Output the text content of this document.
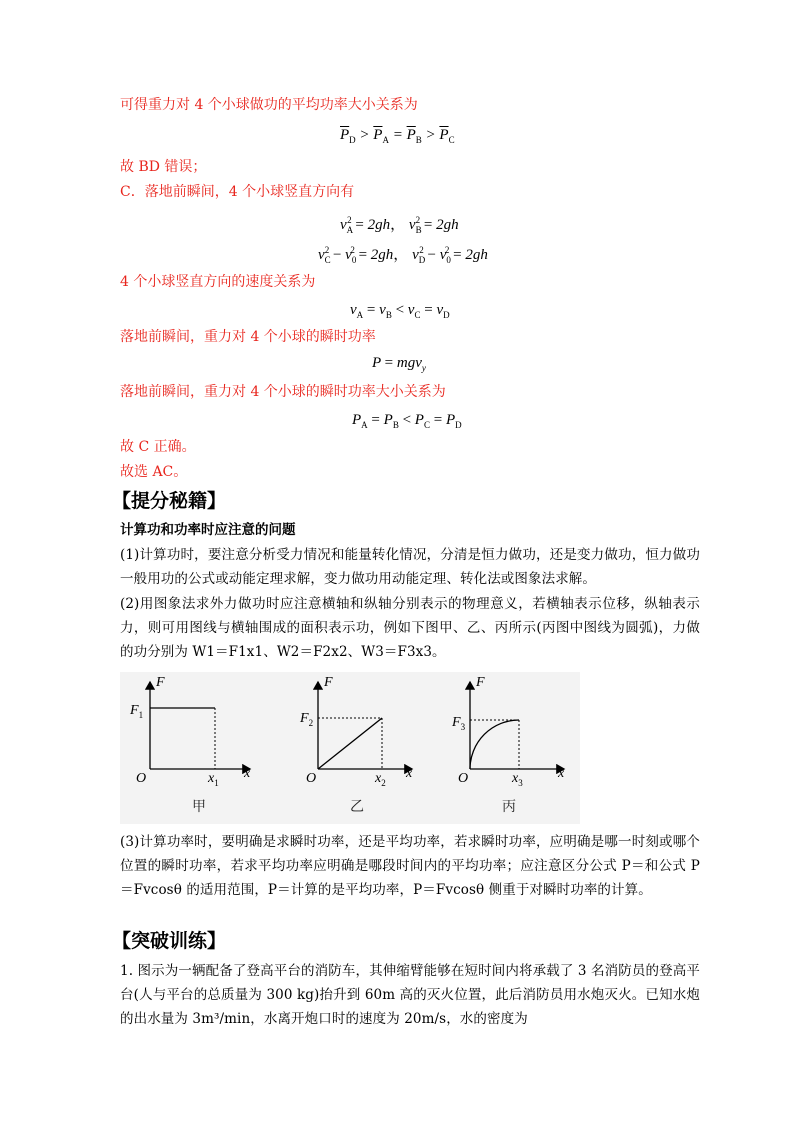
可得重力对 4 个小球做功的平均功率大小关系为
$\overline{P}_D > \overline{P}_A = \overline{P}_B > \overline{P}_C$
故 BD 错误；
C．落地前瞬间，4 个小球竖直方向有
$v_A^2 = 2gh$， $v_B^2 = 2gh$
$v_C^2 - v_0^2 = 2gh$， $v_D^2 - v_0^2 = 2gh$
4 个小球竖直方向的速度关系为
$v_A = v_B < v_C = v_D$
落地前瞬间，重力对 4 个小球的瞬时功率
P = mgv$_y$
落地前瞬间，重力对 4 个小球的瞬时功率大小关系为
$P_A = P_B < P_C = P_D$
故 C 正确。
故选 AC。
【提分秘籍】
计算功和功率时应注意的问题
(1)计算功时，要注意分析受力情况和能量转化情况，分清是恒力做功，还是变力做功，恒力做功一般用功的公式或动能定理求解，变力做功用动能定理、转化法或图象法求解。
(2)用图象法求外力做功时应注意横轴和纵轴分别表示的物理意义，若横轴表示位移，纵轴表示力，则可用图线与横轴围成的面积表示功，例如下图甲、乙、丙所示(丙图中图线为圆弧)，力做的功分别为 W1＝F1x1、W2＝F2x2、W3＝F3x3。
F
x
O
$F_1$
$x_1$
F
x
O
$F_2$
$x_2$
F
x
O
$F_3$
$x_3$
甲	乙	丙
(3)计算功率时，要明确是求瞬时功率，还是平均功率，若求瞬时功率，应明确是哪一时刻或哪个位置的瞬时功率，若求平均功率应明确是哪段时间内的平均功率；应注意区分公式 P＝和公式 P＝Fvcosθ 的适用范围，P＝计算的是平均功率，P＝Fvcosθ 侧重于对瞬时功率的计算。
【突破训练】
1. 图示为一辆配备了登高平台的消防车，其伸缩臂能够在短时间内将承载了 3 名消防员的登高平台(人与平台的总质量为 300 kg)抬升到 60m 高的灭火位置，此后消防员用水炮灭火。已知水炮的出水量为 3m³/min，水离开炮口时的速度为 20m/s，水的密度为
